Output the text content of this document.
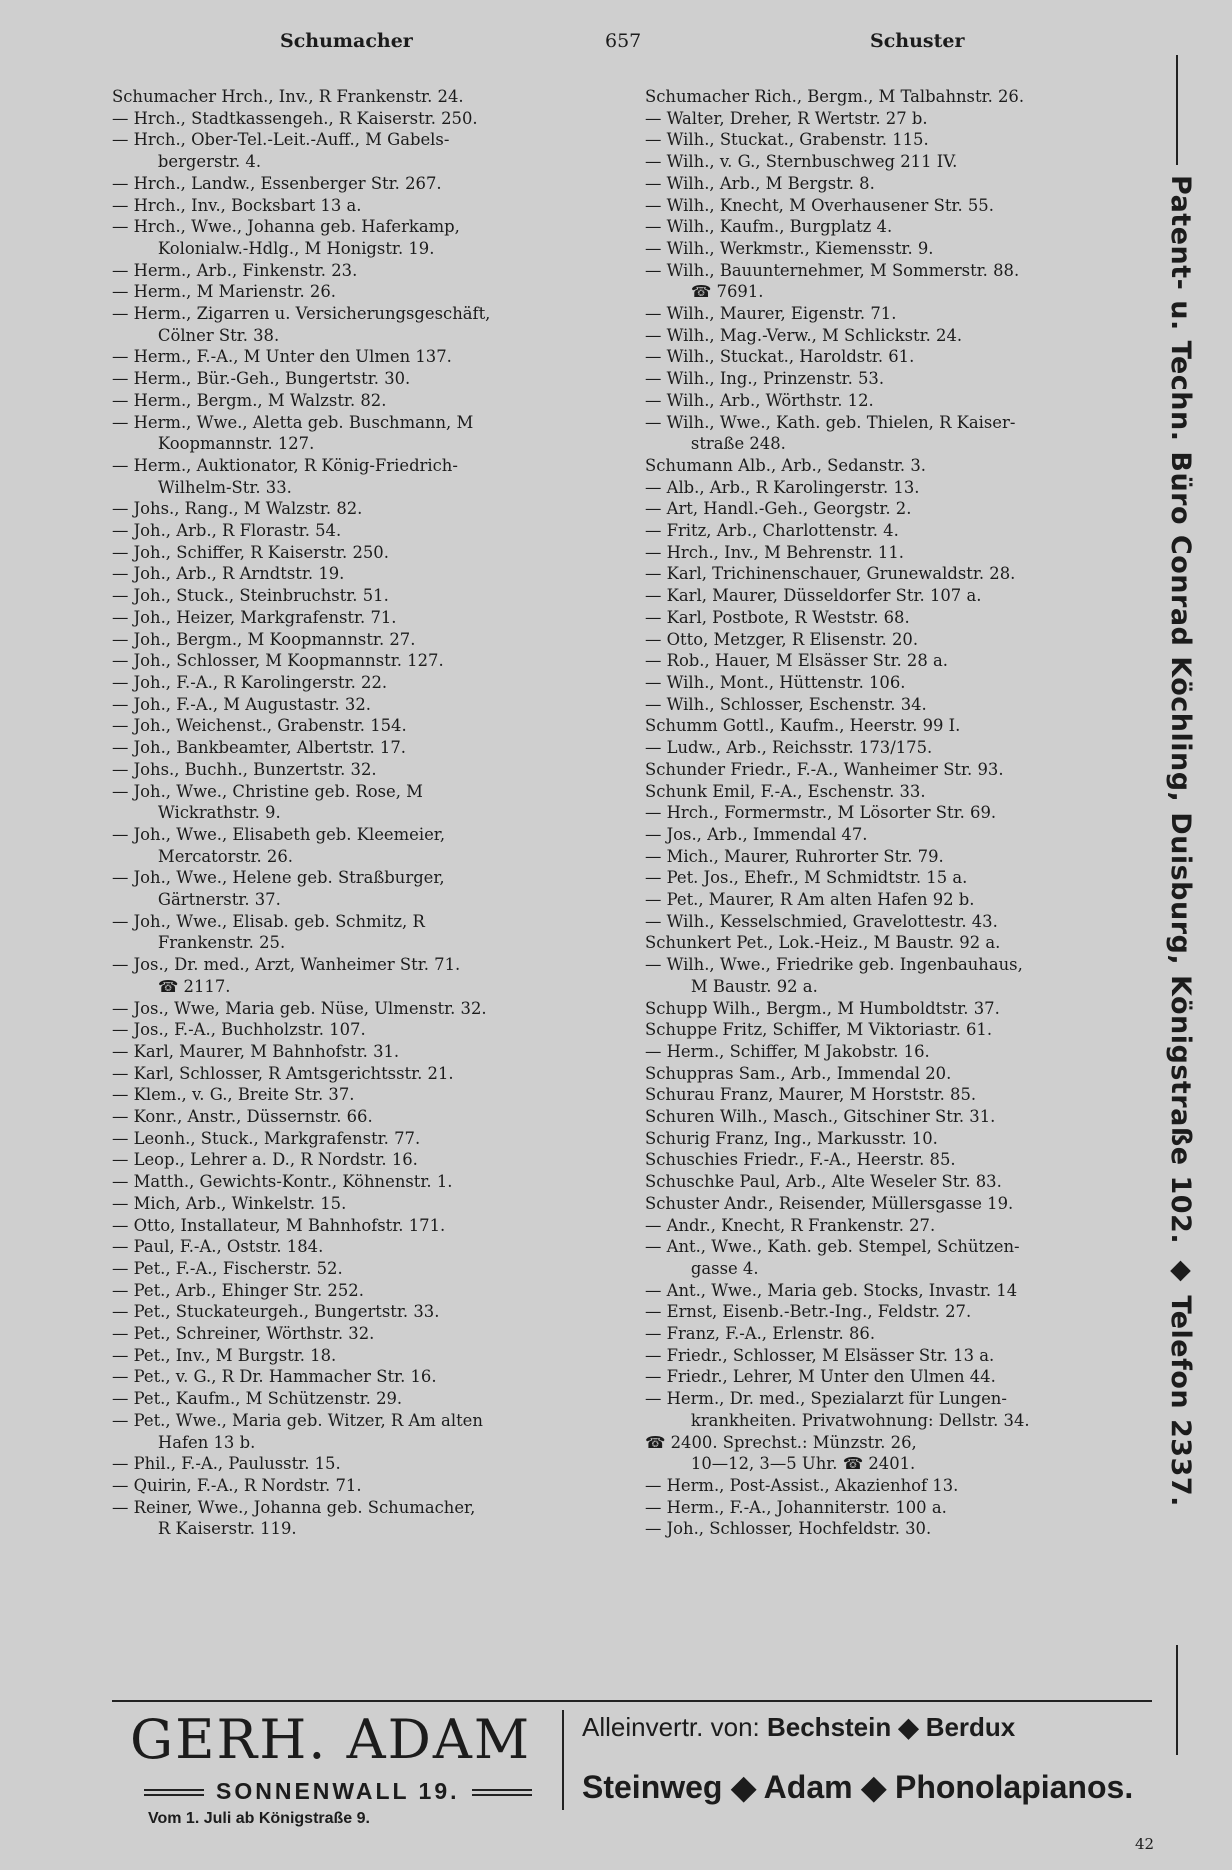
Schumacher	657	Schuster
Schumacher Hrch., Inv., R Frankenstr. 24.
— Hrch., Stadtkassengeh., R Kaiserstr. 250.
— Hrch., Ober-Tel.-Leit.-Auff., M Gabels-
bergerstr. 4.
— Hrch., Landw., Essenberger Str. 267.
— Hrch., Inv., Bocksbart 13 a.
— Hrch., Wwe., Johanna geb. Haferkamp,
Kolonialw.-Hdlg., M Honigstr. 19.
— Herm., Arb., Finkenstr. 23.
— Herm., M Marienstr. 26.
— Herm., Zigarren u. Versicherungsgeschäft,
Cölner Str. 38.
— Herm., F.-A., M Unter den Ulmen 137.
— Herm., Bür.-Geh., Bungertstr. 30.
— Herm., Bergm., M Walzstr. 82.
— Herm., Wwe., Aletta geb. Buschmann, M
Koopmannstr. 127.
— Herm., Auktionator, R König-Friedrich-
Wilhelm-Str. 33.
— Johs., Rang., M Walzstr. 82.
— Joh., Arb., R Florastr. 54.
— Joh., Schiffer, R Kaiserstr. 250.
— Joh., Arb., R Arndtstr. 19.
— Joh., Stuck., Steinbruchstr. 51.
— Joh., Heizer, Markgrafenstr. 71.
— Joh., Bergm., M Koopmannstr. 27.
— Joh., Schlosser, M Koopmannstr. 127.
— Joh., F.-A., R Karolingerstr. 22.
— Joh., F.-A., M Augustastr. 32.
— Joh., Weichenst., Grabenstr. 154.
— Joh., Bankbeamter, Albertstr. 17.
— Johs., Buchh., Bunzertstr. 32.
— Joh., Wwe., Christine geb. Rose, M
Wickrathstr. 9.
— Joh., Wwe., Elisabeth geb. Kleemeier,
Mercatorstr. 26.
— Joh., Wwe., Helene geb. Straßburger,
Gärtnerstr. 37.
— Joh., Wwe., Elisab. geb. Schmitz, R
Frankenstr. 25.
— Jos., Dr. med., Arzt, Wanheimer Str. 71.
☎ 2117.
— Jos., Wwe, Maria geb. Nüse, Ulmenstr. 32.
— Jos., F.-A., Buchholzstr. 107.
— Karl, Maurer, M Bahnhofstr. 31.
— Karl, Schlosser, R Amtsgerichtsstr. 21.
— Klem., v. G., Breite Str. 37.
— Konr., Anstr., Düssernstr. 66.
— Leonh., Stuck., Markgrafenstr. 77.
— Leop., Lehrer a. D., R Nordstr. 16.
— Matth., Gewichts-Kontr., Köhnenstr. 1.
— Mich, Arb., Winkelstr. 15.
— Otto, Installateur, M Bahnhofstr. 171.
— Paul, F.-A., Oststr. 184.
— Pet., F.-A., Fischerstr. 52.
— Pet., Arb., Ehinger Str. 252.
— Pet., Stuckateurgeh., Bungertstr. 33.
— Pet., Schreiner, Wörthstr. 32.
— Pet., Inv., M Burgstr. 18.
— Pet., v. G., R Dr. Hammacher Str. 16.
— Pet., Kaufm., M Schützenstr. 29.
— Pet., Wwe., Maria geb. Witzer, R Am alten
Hafen 13 b.
— Phil., F.-A., Paulusstr. 15.
— Quirin, F.-A., R Nordstr. 71.
— Reiner, Wwe., Johanna geb. Schumacher,
R Kaiserstr. 119.
Schumacher Rich., Bergm., M Talbahnstr. 26.
— Walter, Dreher, R Wertstr. 27 b.
— Wilh., Stuckat., Grabenstr. 115.
— Wilh., v. G., Sternbuschweg 211 IV.
— Wilh., Arb., M Bergstr. 8.
— Wilh., Knecht, M Overhausener Str. 55.
— Wilh., Kaufm., Burgplatz 4.
— Wilh., Werkmstr., Kiemensstr. 9.
— Wilh., Bauunternehmer, M Sommerstr. 88.
☎ 7691.
— Wilh., Maurer, Eigenstr. 71.
— Wilh., Mag.-Verw., M Schlickstr. 24.
— Wilh., Stuckat., Haroldstr. 61.
— Wilh., Ing., Prinzenstr. 53.
— Wilh., Arb., Wörthstr. 12.
— Wilh., Wwe., Kath. geb. Thielen, R Kaiser-
straße 248.
Schumann Alb., Arb., Sedanstr. 3.
— Alb., Arb., R Karolingerstr. 13.
— Art, Handl.-Geh., Georgstr. 2.
— Fritz, Arb., Charlottenstr. 4.
— Hrch., Inv., M Behrenstr. 11.
— Karl, Trichinenschauer, Grunewaldstr. 28.
— Karl, Maurer, Düsseldorfer Str. 107 a.
— Karl, Postbote, R Weststr. 68.
— Otto, Metzger, R Elisenstr. 20.
— Rob., Hauer, M Elsässer Str. 28 a.
— Wilh., Mont., Hüttenstr. 106.
— Wilh., Schlosser, Eschenstr. 34.
Schumm Gottl., Kaufm., Heerstr. 99 I.
— Ludw., Arb., Reichsstr. 173/175.
Schunder Friedr., F.-A., Wanheimer Str. 93.
Schunk Emil, F.-A., Eschenstr. 33.
— Hrch., Formermstr., M Lösorter Str. 69.
— Jos., Arb., Immendal 47.
— Mich., Maurer, Ruhrorter Str. 79.
— Pet. Jos., Ehefr., M Schmidtstr. 15 a.
— Pet., Maurer, R Am alten Hafen 92 b.
— Wilh., Kesselschmied, Gravelottestr. 43.
Schunkert Pet., Lok.-Heiz., M Baustr. 92 a.
— Wilh., Wwe., Friedrike geb. Ingenbauhaus,
M Baustr. 92 a.
Schupp Wilh., Bergm., M Humboldtstr. 37.
Schuppe Fritz, Schiffer, M Viktoriastr. 61.
— Herm., Schiffer, M Jakobstr. 16.
Schuppras Sam., Arb., Immendal 20.
Schurau Franz, Maurer, M Horststr. 85.
Schuren Wilh., Masch., Gitschiner Str. 31.
Schurig Franz, Ing., Markusstr. 10.
Schuschies Friedr., F.-A., Heerstr. 85.
Schuschke Paul, Arb., Alte Weseler Str. 83.
Schuster Andr., Reisender, Müllersgasse 19.
— Andr., Knecht, R Frankenstr. 27.
— Ant., Wwe., Kath. geb. Stempel, Schützen-
gasse 4.
— Ant., Wwe., Maria geb. Stocks, Invastr. 14
— Ernst, Eisenb.-Betr.-Ing., Feldstr. 27.
— Franz, F.-A., Erlenstr. 86.
— Friedr., Schlosser, M Elsässer Str. 13 a.
— Friedr., Lehrer, M Unter den Ulmen 44.
— Herm., Dr. med., Spezialarzt für Lungen-
krankheiten. Privatwohnung: Dellstr. 34.
☎ 2400. Sprechst.: Münzstr. 26,
10—12, 3—5 Uhr. ☎ 2401.
— Herm., Post-Assist., Akazienhof 13.
— Herm., F.-A., Johanniterstr. 100 a.
— Joh., Schlosser, Hochfeldstr. 30.
Patent- u. Techn. Büro Conrad Köchling, Duisburg, Königstraße 102. ◆ Telefon 2337.
GERH. ADAM Alleinvertr. von: Bechstein ◆ Berdux
SONNENWALL 19.
Vom 1. Juli ab Königstraße 9.
Steinweg ◆ Adam ◆ Phonolapianos.
42
